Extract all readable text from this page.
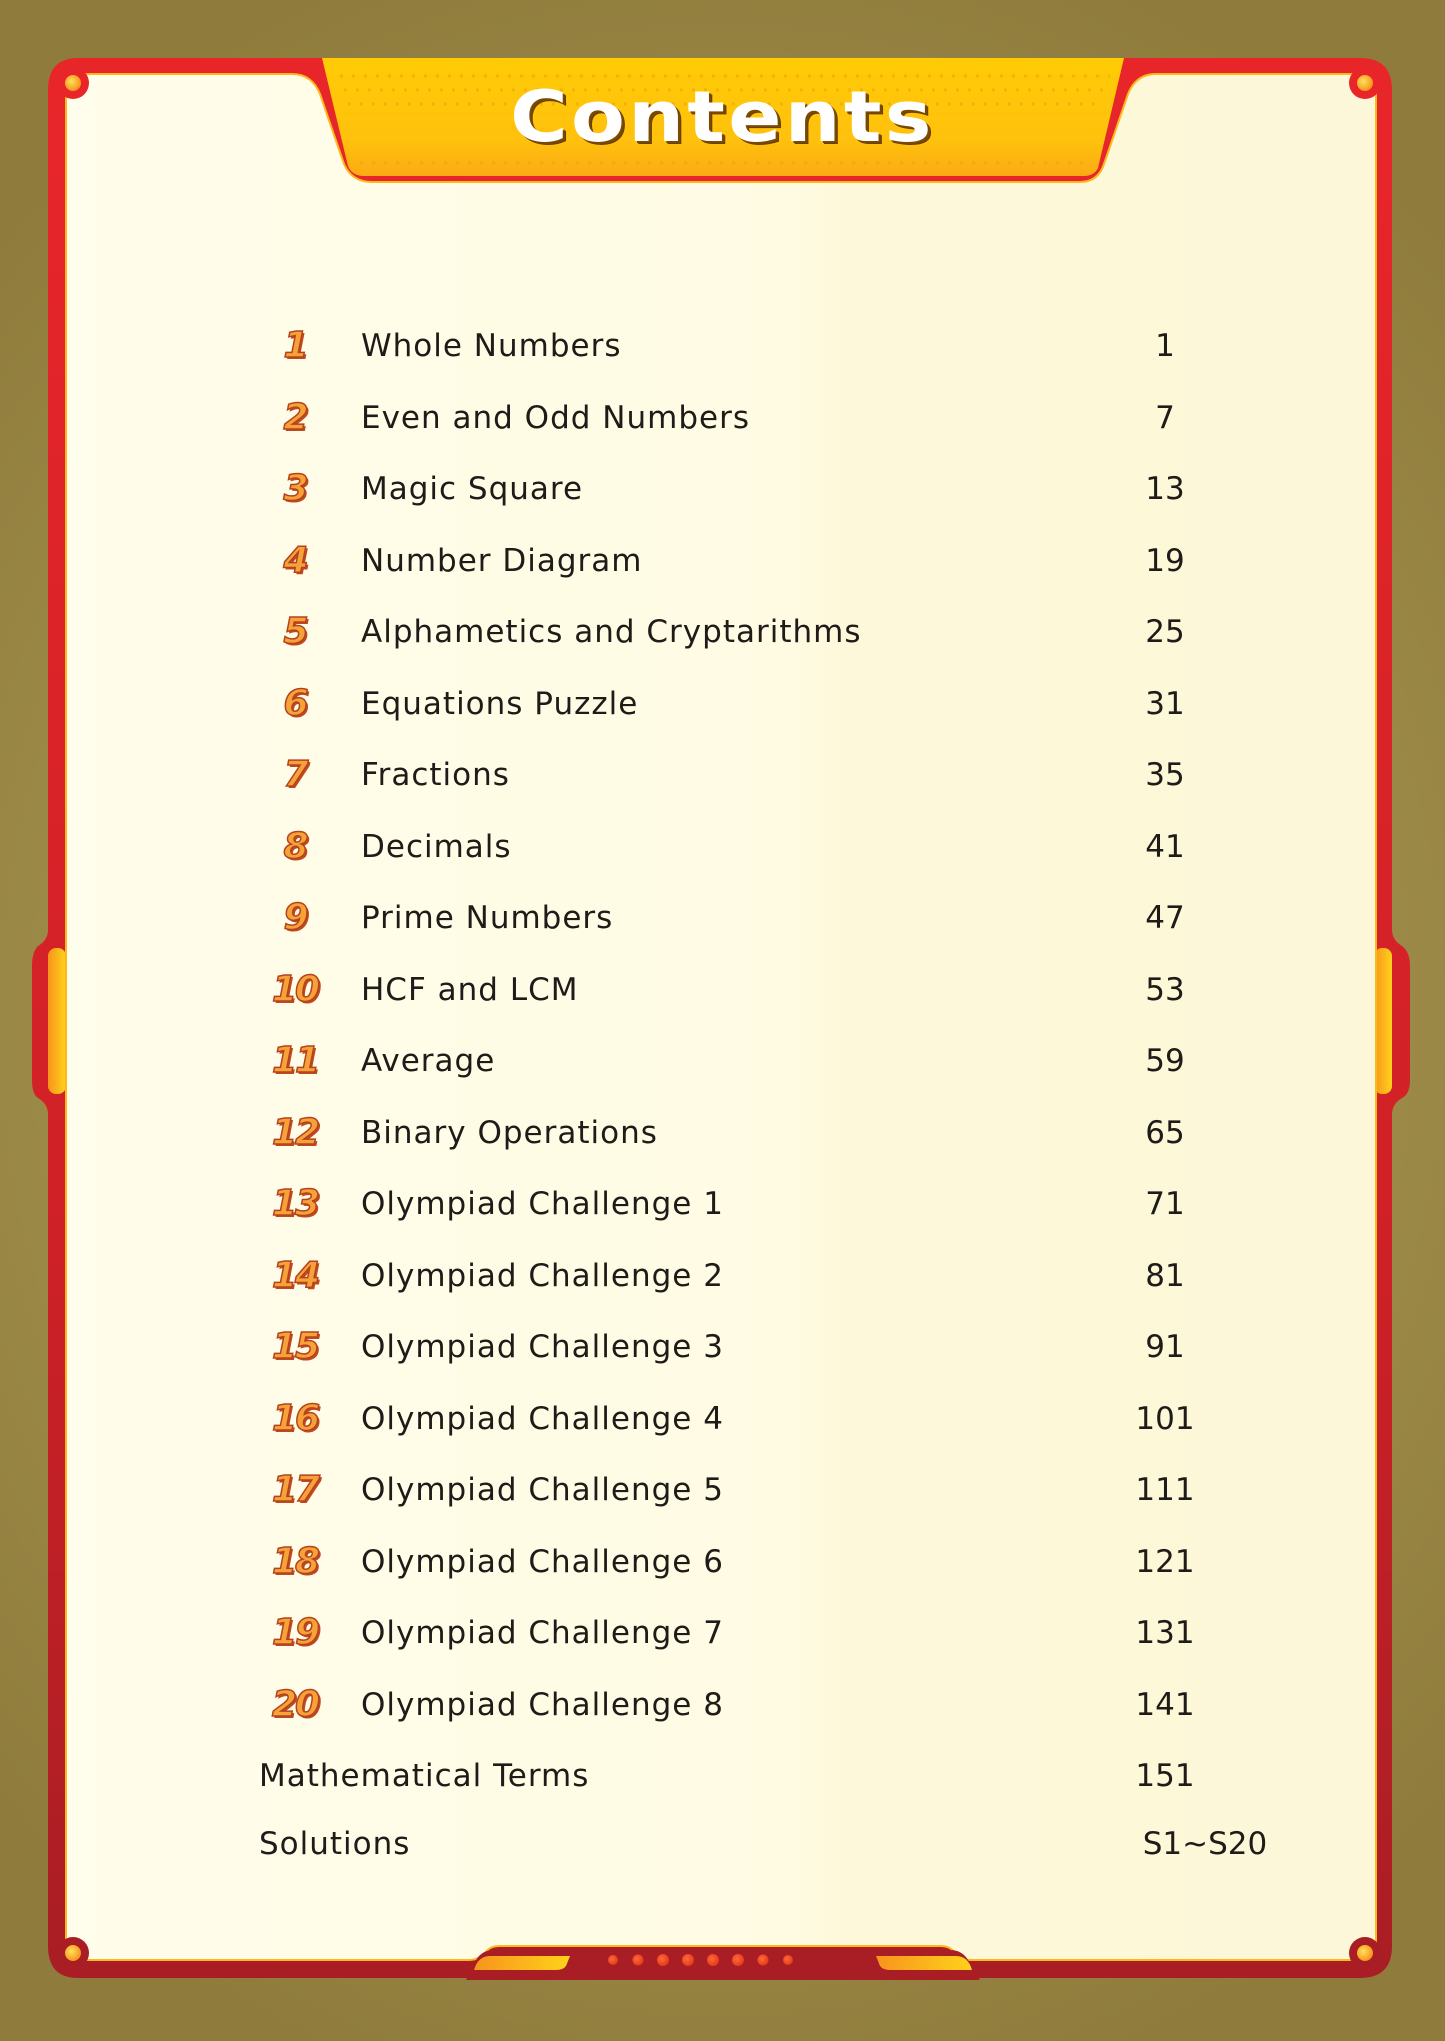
Contents
1	Whole Numbers	1
2	Even and Odd Numbers	7
3	Magic Square	13
4	Number Diagram	19
5	Alphametics and Cryptarithms	25
6	Equations Puzzle	31
7	Fractions	35
8	Decimals	41
9	Prime Numbers	47
10	HCF and LCM	53
11	Average	59
12	Binary Operations	65
13	Olympiad Challenge 1	71
14	Olympiad Challenge 2	81
15	Olympiad Challenge 3	91
16	Olympiad Challenge 4	101
17	Olympiad Challenge 5	111
18	Olympiad Challenge 6	121
19	Olympiad Challenge 7	131
20	Olympiad Challenge 8	141
Mathematical Terms	151
Solutions	S1~S20
